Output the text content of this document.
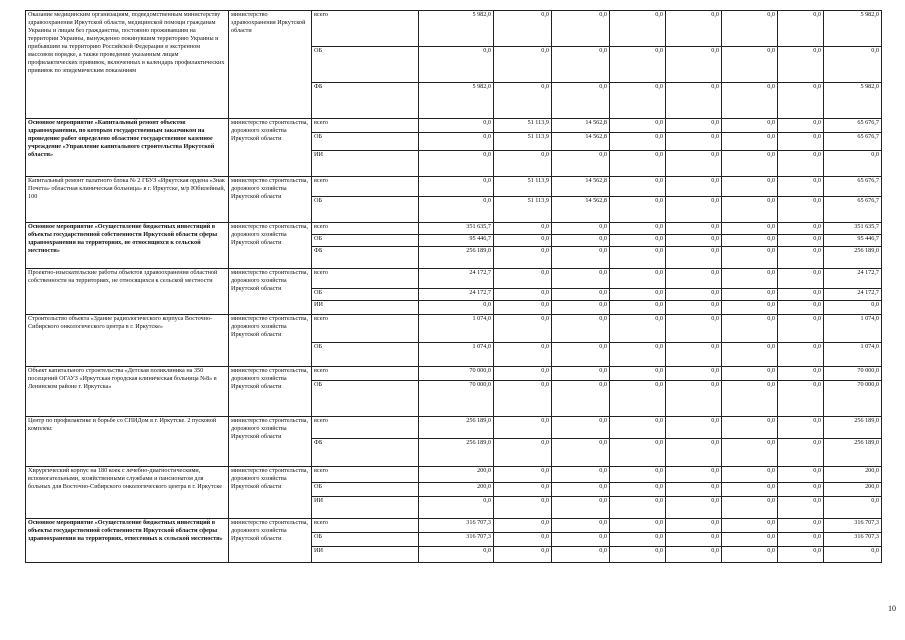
Оказание медицинским организациям, подведомственным министерству здравоохранения Иркутской области, медицинской помощи гражданам Украины и лицам без гражданства, постоянно проживавшим на территории Украины, вынужденно покинувшим территорию Украины и прибывшим на территорию Российской Федерации в экстренном массовом порядке, а также проведение указанным лицам профилактических прививок, включенных в календарь профилактических прививок по эпидемическим показаниям	министерство здравоохранения Иркутской области	всего	5 982,0	0,0	0,0	0,0	0,0	0,0	0,0	5 982,0
		ОБ	0,0	0,0	0,0	0,0	0,0	0,0	0,0	0,0
		ФБ	5 982,0	0,0	0,0	0,0	0,0	0,0	0,0	5 982,0
Основное мероприятие «Капитальный ремонт объектов здравоохранения, по которым государственным заказчиком на проведение работ определено областное государственное казенное учреждение «Управление капитального строительства Иркутской области»	министерство строительства, дорожного хозяйства Иркутской области	всего	0,0	51 113,9	14 562,8	0,0	0,0	0,0	0,0	65 676,7
		ОБ	0,0	51 113,9	14 562,8	0,0	0,0	0,0	0,0	65 676,7
		ИИ	0,0	0,0	0,0	0,0	0,0	0,0	0,0	0,0
Капитальный ремонт палатного блока № 2 ГБУЗ «Иркутская ордена «Знак Почета» областная клиническая больница» в г. Иркутске, м/р Юбилейный, 100	министерство строительства, дорожного хозяйства Иркутской области	всего	0,0	51 113,9	14 562,8	0,0	0,0	0,0	0,0	65 676,7
		ОБ	0,0	51 113,9	14 562,8	0,0	0,0	0,0	0,0	65 676,7
Основное мероприятие «Осуществление бюджетных инвестиций в объекты государственной собственности Иркутской области сферы здравоохранения на территориях, не относящихся к сельской местности»	министерство строительства, дорожного хозяйства Иркутской области	всего	351 635,7	0,0	0,0	0,0	0,0	0,0	0,0	351 635,7
		ОБ	95 446,7	0,0	0,0	0,0	0,0	0,0	0,0	95 446,7
		ФБ	256 189,0	0,0	0,0	0,0	0,0	0,0	0,0	256 189,0
Проектно-изыскательские работы объектов здравоохранения областной собственности на территориях, не относящихся к сельской местности	министерство строительства, дорожного хозяйства Иркутской области	всего	24 172,7	0,0	0,0	0,0	0,0	0,0	0,0	24 172,7
		ОБ	24 172,7	0,0	0,0	0,0	0,0	0,0	0,0	24 172,7
		ИИ	0,0	0,0	0,0	0,0	0,0	0,0	0,0	0,0
Строительство объекта «Здание радиологического корпуса Восточно-Сибирского онкологического центра в г. Иркутске»	министерство строительства, дорожного хозяйства Иркутской области	всего	1 074,0	0,0	0,0	0,0	0,0	0,0	0,0	1 074,0
		ОБ	1 074,0	0,0	0,0	0,0	0,0	0,0	0,0	1 074,0
Объект капитального строительства «Детская поликлиника на 350 посещений ОГАУЗ «Иркутская городская клиническая больница №8» в Ленинском районе г. Иркутска»	министерство строительства, дорожного хозяйства Иркутской области	всего	70 000,0	0,0	0,0	0,0	0,0	0,0	0,0	70 000,0
		ОБ	70 000,0	0,0	0,0	0,0	0,0	0,0	0,0	70 000,0
Центр по профилактике и борьбе со СПИДом в г. Иркутске. 2 пусковой комплекс	министерство строительства, дорожного хозяйства Иркутской области	всего	256 189,0	0,0	0,0	0,0	0,0	0,0	0,0	256 189,0
		ФБ	256 189,0	0,0	0,0	0,0	0,0	0,0	0,0	256 189,0
Хирургический корпус на 180 коек с лечебно-диагностическими, вспомогательными, хозяйственными службами и пансионатом для больных для Восточно-Сибирского онкологического центра в г. Иркутске	министерство строительства, дорожного хозяйства Иркутской области	всего	200,0	0,0	0,0	0,0	0,0	0,0	0,0	200,0
		ОБ	200,0	0,0	0,0	0,0	0,0	0,0	0,0	200,0
		ИИ	0,0	0,0	0,0	0,0	0,0	0,0	0,0	0,0
Основное мероприятие «Осуществление бюджетных инвестиций в объекты государственной собственности Иркутской области сферы здравоохранения на территориях, отнесенных к сельской местности»	министерство строительства, дорожного хозяйства Иркутской области	всего	316 707,3	0,0	0,0	0,0	0,0	0,0	0,0	316 707,3
		ОБ	316 707,3	0,0	0,0	0,0	0,0	0,0	0,0	316 707,3
		ИИ	0,0	0,0	0,0	0,0	0,0	0,0	0,0	0,0
10
